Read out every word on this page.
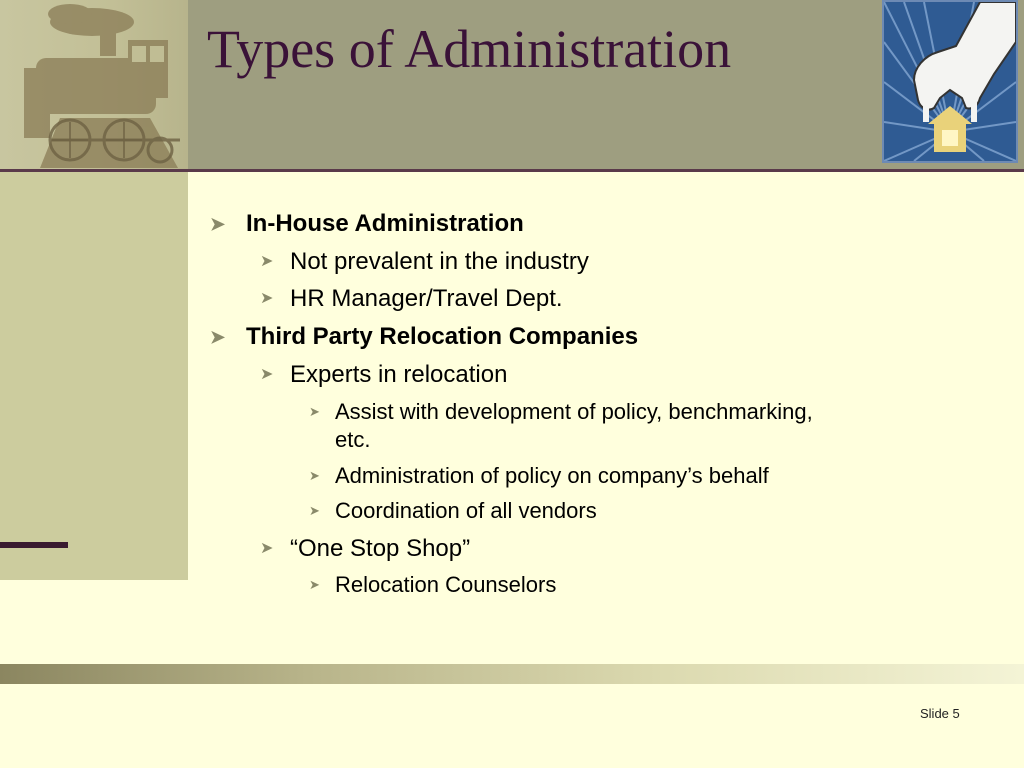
Types of Administration
➤ In-House Administration
➤ Not prevalent in the industry
➤ HR Manager/Travel Dept.
➤ Third Party Relocation Companies
➤ Experts in relocation
➤ Assist with development of policy, benchmarking,
etc.
➤ Administration of policy on company’s behalf
➤ Coordination of all vendors
➤ “One Stop Shop”
➤ Relocation Counselors
Slide 5
